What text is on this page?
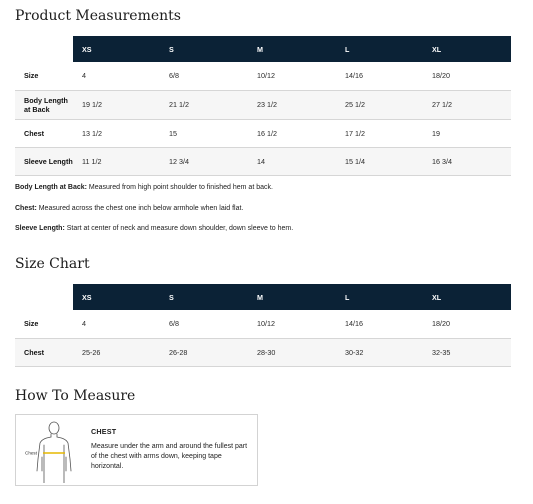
Product Measurements
	XS	S	M	L	XL
Size	4	6/8	10/12	14/16	18/20
Body Length at Back	19 1/2	21 1/2	23 1/2	25 1/2	27 1/2
Chest	13 1/2	15	16 1/2	17 1/2	19
Sleeve Length	11 1/2	12 3/4	14	15 1/4	16 3/4

Body Length at Back: Measured from high point shoulder to finished hem at back.

Chest: Measured across the chest one inch below armhole when laid flat.

Sleeve Length: Start at center of neck and measure down shoulder, down sleeve to hem.

Size Chart
	XS	S	M	L	XL
Size	4	6/8	10/12	14/16	18/20
Chest	25-26	26-28	28-30	30-32	32-35
How To Measure
Chest
CHEST
Measure under the arm and around the fullest part of the chest with arms down, keeping tape horizontal.
